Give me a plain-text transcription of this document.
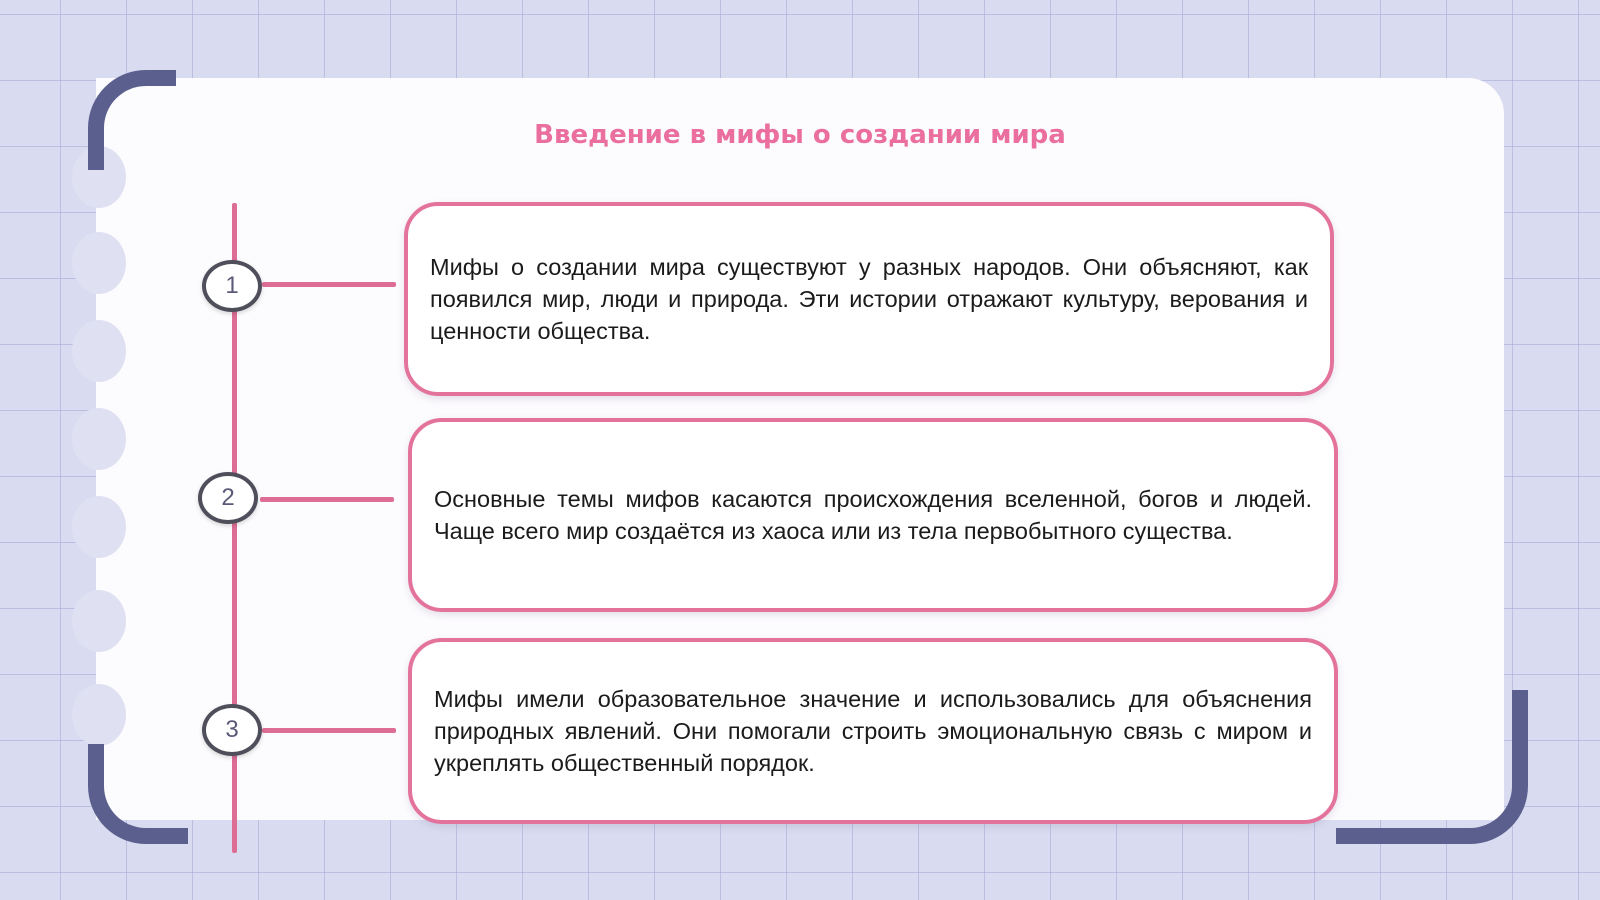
Введение в мифы о создании мира
1
2
3

Мифы о создании мира существуют у разных народов. Они объясняют, как появился мир, люди и природа. Эти истории отражают культуру, верования и ценности общества.

Основные темы мифов касаются происхождения вселенной, богов и людей. Чаще всего мир создаётся из хаоса или из тела первобытного существа.

Мифы имели образовательное значение и использовались для объяснения природных явлений. Они помогали строить эмоциональную связь с миром и укреплять общественный порядок.
